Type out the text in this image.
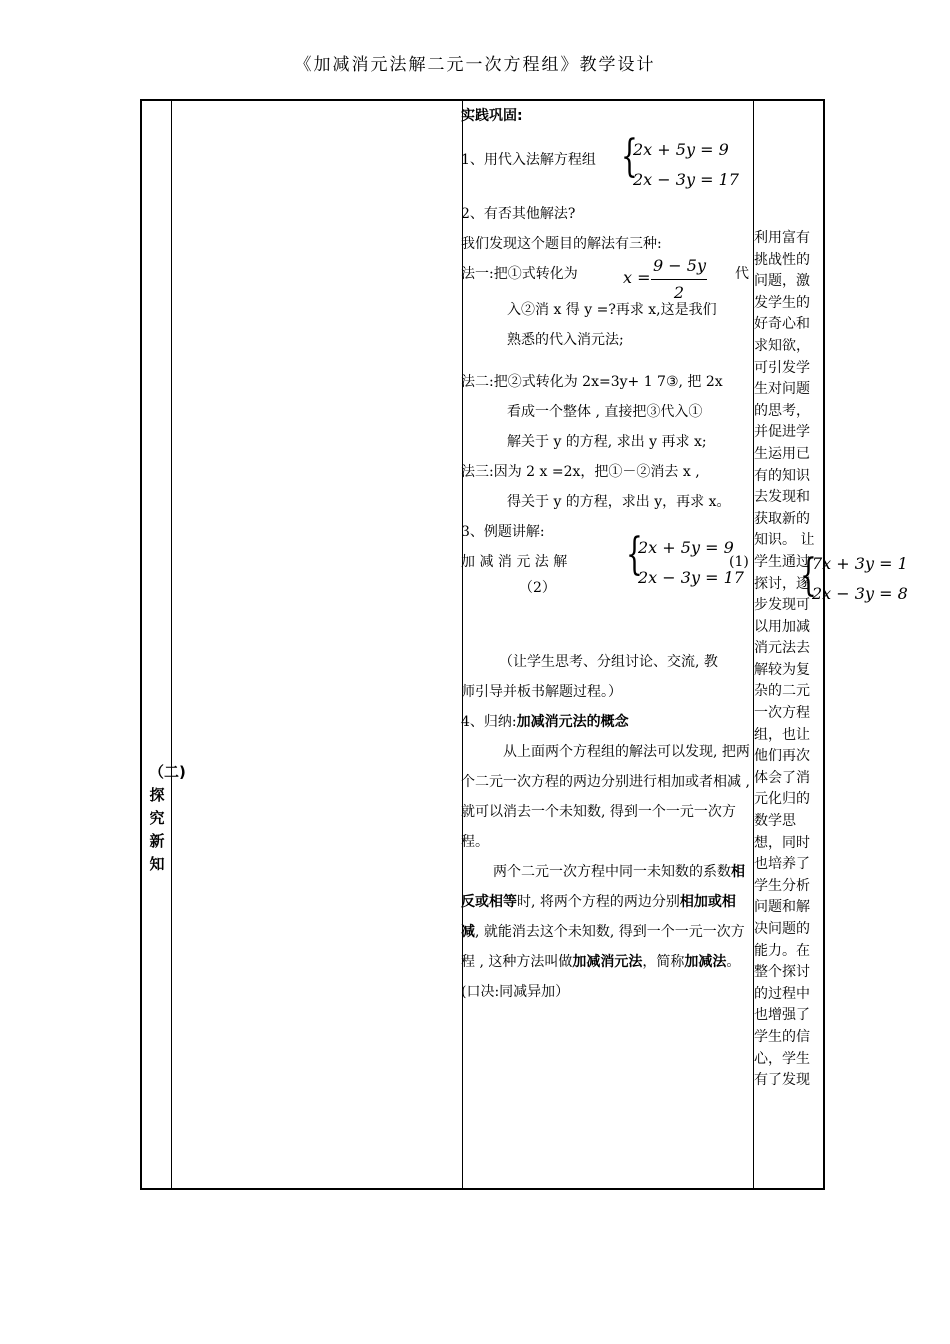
《加减消元法解二元一次方程组》教学设计
（二)探究新知
实践巩固:
1、用代入法解方程组 {
2x + 5y = 9
2x − 3y = 17
2、有否其他解法?
我们发现这个题目的解法有三种:
法一:把①式转化为	$x = \frac{9 - 5y}{2}$ 代
入②消 x 得 y =?再求 x,这是我们
熟悉的代入消元法;
法二:把②式转化为 2x=3y+ 1 7③, 把 2x
看成一个整体 , 直接把③代入①
解关于 y 的方程, 求出 y 再求 x;
法三:因为 2 x =2x，把①－②消去 x ,
得关于 y 的方程，求出 y，再求 x。
3、例题讲解:
加 减 消 元 法 解 {
2x + 5y = 9
2x − 3y = 17
(1)
（2）
（让学生思考、分组讨论、交流, 教
师引导并板书解题过程。）
4、归纳:加减消元法的概念
从上面两个方程组的解法可以发现, 把两个二元一次方程的两边分别进行相加或者相减 , 就可以消去一个未知数, 得到一个一元一次方程。
两个二元一次方程中同一未知数的系数相反或相等时, 将两个方程的两边分别相加或相减, 就能消去这个未知数, 得到一个一元一次方程 , 这种方法叫做加减消元法，简称加减法。(口决:同减异加）
{
7x + 3y = 1
2x − 3y = 8
利用富有挑战性的问题，激发学生的好奇心和求知欲，可引发学生对问题的思考，并促进学生运用已有的知识去发现和获取新的知识。 让学生通过探讨，逐步发现可以用加减消元法去解较为复杂的二元一次方程组，也让他们再次体会了消元化归的数学思想，同时也培养了学生分析问题和解决问题的能力。在整个探讨的过程中也增强了学生的信心，学生有了发现
